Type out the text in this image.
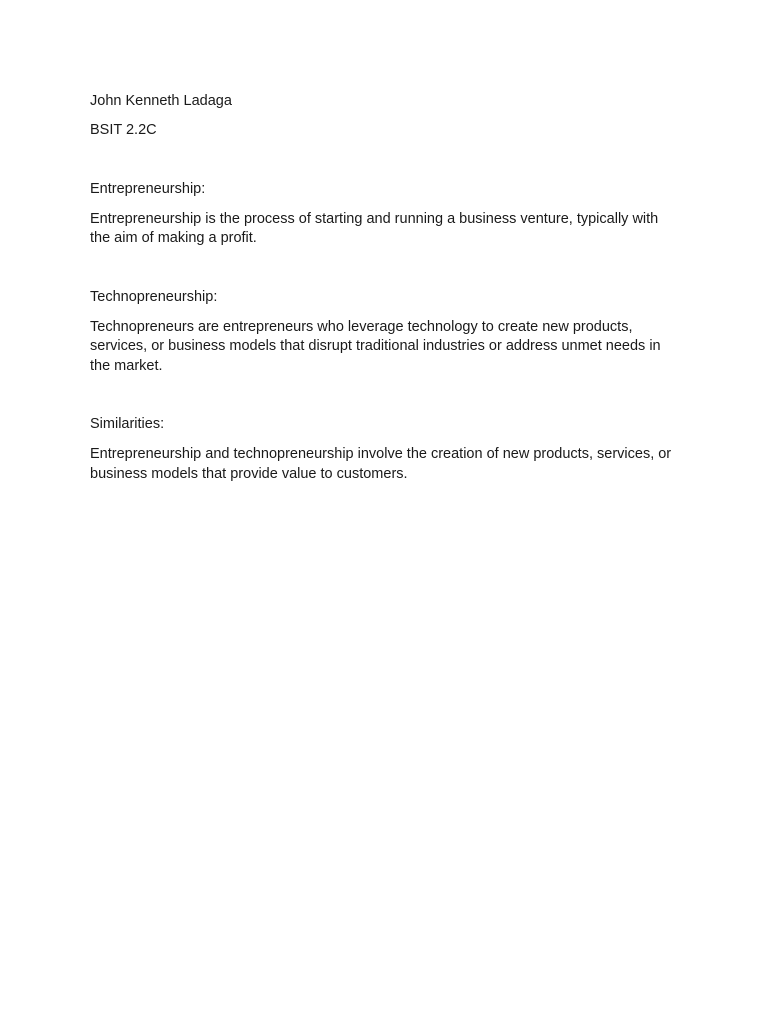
John Kenneth Ladaga

BSIT 2.2C

Entrepreneurship:

Entrepreneurship is the process of starting and running a business venture, typically with the aim of making a profit.

Technopreneurship:

Technopreneurs are entrepreneurs who leverage technology to create new products, services, or business models that disrupt traditional industries or address unmet needs in the market.

Similarities:

Entrepreneurship and technopreneurship involve the creation of new products, services, or business models that provide value to customers.
